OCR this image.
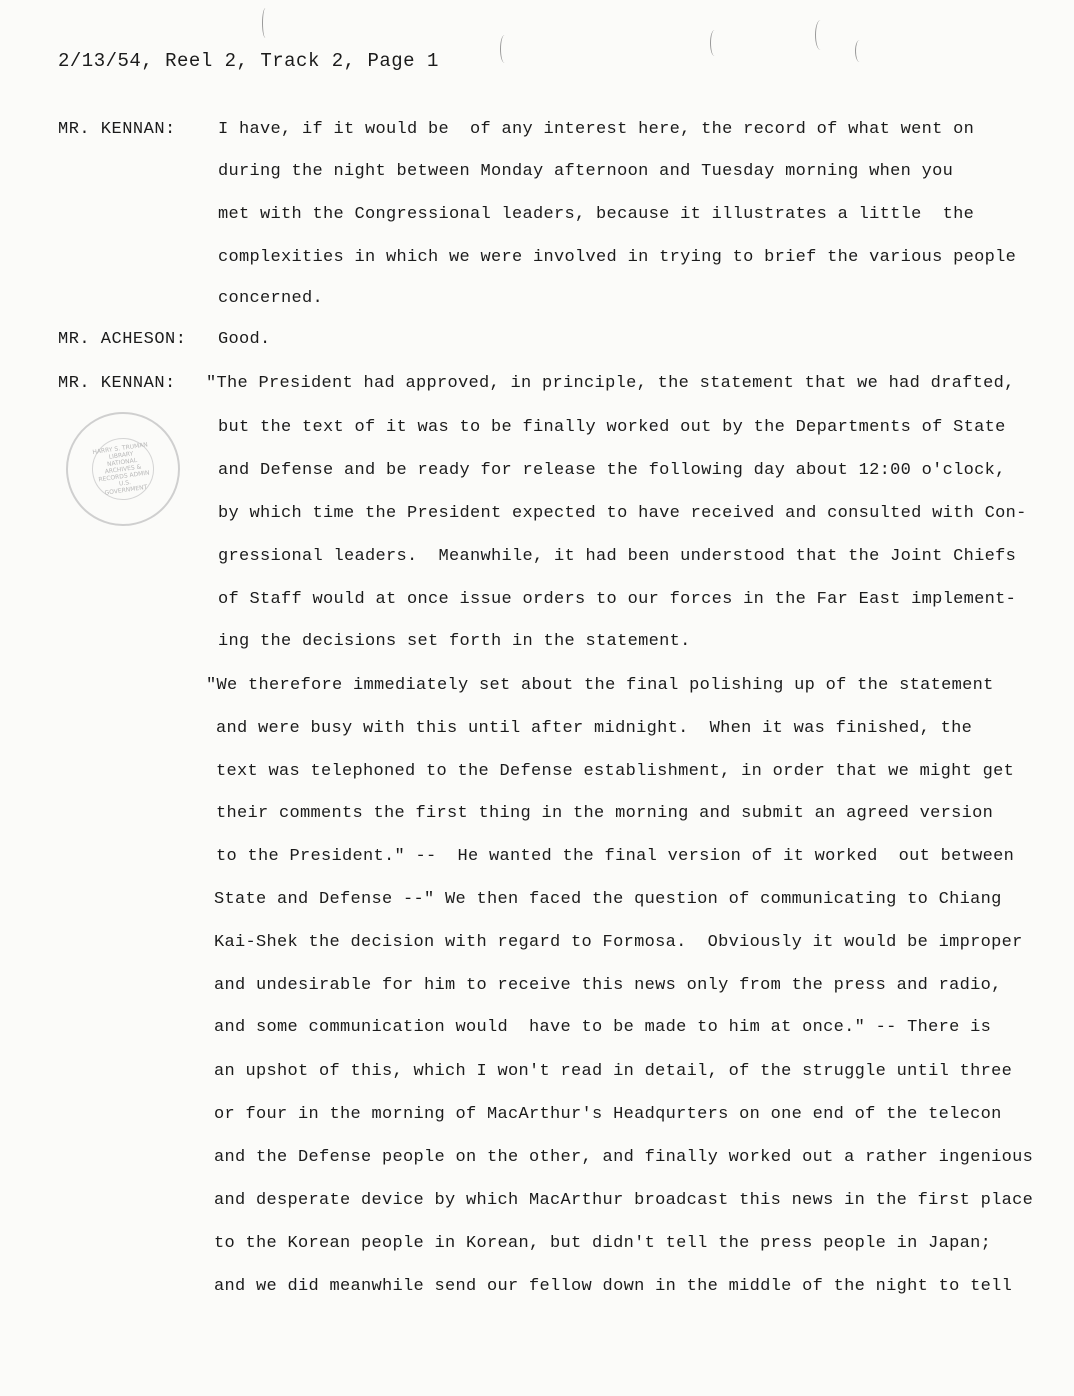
2/13/54, Reel 2, Track 2, Page 1
HARRY S. TRUMAN LIBRARY NATIONAL ARCHIVES & RECORDS ADMIN U.S. GOVERNMENT
MR. KENNAN:
MR. ACHESON:
MR. KENNAN:
I have, if it would be  of any interest here, the record of what went on
during the night between Monday afternoon and Tuesday morning when you
met with the Congressional leaders, because it illustrates a little  the
complexities in which we were involved in trying to brief the various people
concerned.
Good.
"The President had approved, in principle, the statement that we had drafted,
but the text of it was to be finally worked out by the Departments of State
and Defense and be ready for release the following day about 12:00 o'clock,
by which time the President expected to have received and consulted with Con-
gressional leaders.  Meanwhile, it had been understood that the Joint Chiefs
of Staff would at once issue orders to our forces in the Far East implement-
ing the decisions set forth in the statement.
"We therefore immediately set about the final polishing up of the statement
and were busy with this until after midnight.  When it was finished, the
text was telephoned to the Defense establishment, in order that we might get
their comments the first thing in the morning and submit an agreed version
to the President." --  He wanted the final version of it worked  out between
State and Defense --" We then faced the question of communicating to Chiang
Kai-Shek the decision with regard to Formosa.  Obviously it would be improper
and undesirable for him to receive this news only from the press and radio,
and some communication would  have to be made to him at once." -- There is
an upshot of this, which I won't read in detail, of the struggle until three
or four in the morning of MacArthur's Headqurters on one end of the telecon
and the Defense people on the other, and finally worked out a rather ingenious
and desperate device by which MacArthur broadcast this news in the first place
to the Korean people in Korean, but didn't tell the press people in Japan;
and we did meanwhile send our fellow down in the middle of the night to tell
